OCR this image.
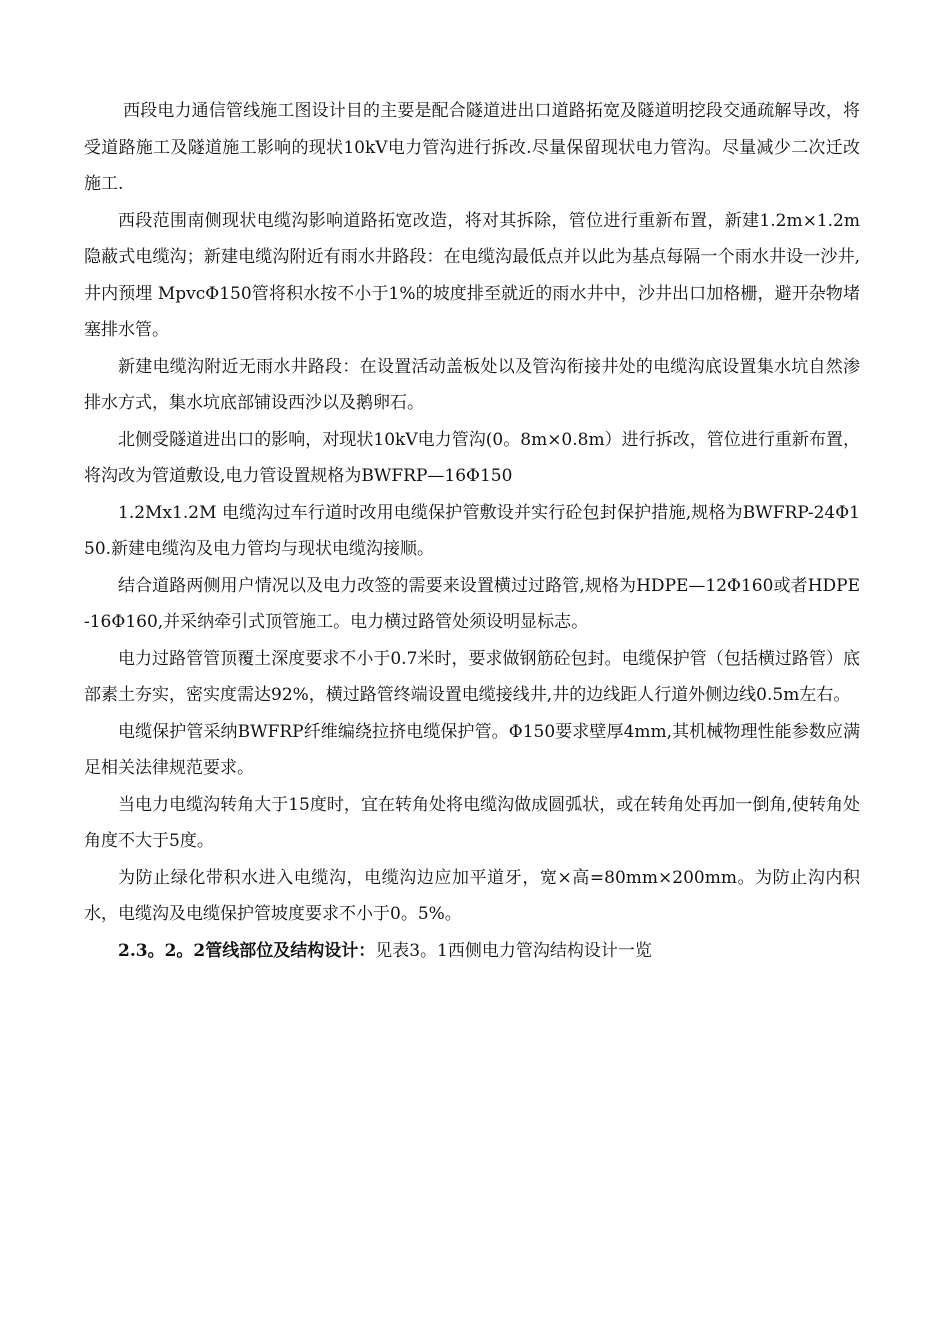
西段电力通信管线施工图设计目的主要是配合隧道进出口道路拓宽及隧道明挖段交通疏解导改，将受道路施工及隧道施工影响的现状10kV电力管沟进行拆改.尽量保留现状电力管沟。尽量减少二次迁改施工.

西段范围南侧现状电缆沟影响道路拓宽改造，将对其拆除，管位进行重新布置，新建1.2m×1.2m隐蔽式电缆沟；新建电缆沟附近有雨水井路段：在电缆沟最低点并以此为基点每隔一个雨水井设一沙井,井内预埋 MpvcΦ150管将积水按不小于1%的坡度排至就近的雨水井中，沙井出口加格栅，避开杂物堵塞排水管。

新建电缆沟附近无雨水井路段：在设置活动盖板处以及管沟衔接井处的电缆沟底设置集水坑自然渗排水方式，集水坑底部铺设西沙以及鹅卵石。

北侧受隧道进出口的影响，对现状10kV电力管沟(0。8m×0.8m）进行拆改，管位进行重新布置，将沟改为管道敷设,电力管设置规格为BWFRP—16Φ150

1.2Mx1.2M 电缆沟过车行道时改用电缆保护管敷设并实行砼包封保护措施,规格为BWFRP-24Φ150.新建电缆沟及电力管均与现状电缆沟接顺。

结合道路两侧用户情况以及电力改签的需要来设置横过过路管,规格为HDPE—12Φ160或者HDPE-16Φ160,并采纳牵引式顶管施工。电力横过路管处须设明显标志。

电力过路管管顶覆土深度要求不小于0.7米时，要求做钢筋砼包封。电缆保护管（包括横过路管）底部素土夯实，密实度需达92%，横过路管终端设置电缆接线井,井的边线距人行道外侧边线0.5m左右。

电缆保护管采纳BWFRP纤维编绕拉挤电缆保护管。Φ150要求壁厚4mm,其机械物理性能参数应满足相关法律规范要求。

当电力电缆沟转角大于15度时，宜在转角处将电缆沟做成圆弧状，或在转角处再加一倒角,使转角处角度不大于5度。

为防止绿化带积水进入电缆沟，电缆沟边应加平道牙，宽×高=80mm×200mm。为防止沟内积水，电缆沟及电缆保护管坡度要求不小于0。5%。

2.3。2。2管线部位及结构设计：见表3。1西侧电力管沟结构设计一览
